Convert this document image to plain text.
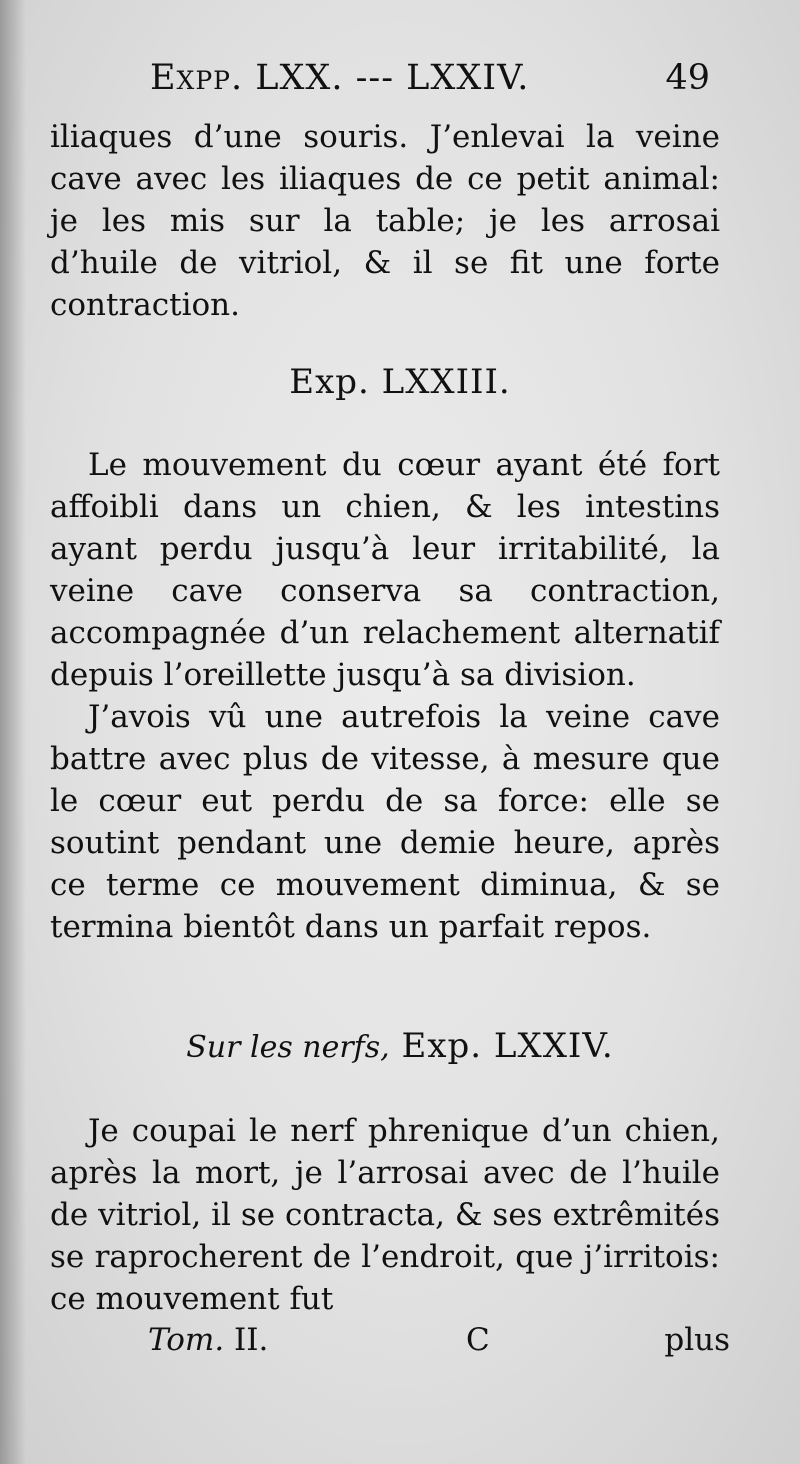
Expp. LXX. --- LXXIV.	49

iliaques d’une souris. J’enlevai la veine cave avec les iliaques de ce petit animal: je les mis sur la table; je les arrosai d’huile de vitriol, & il se fit une forte contraction.

Exp. LXXIII.

Le mouvement du cœur ayant été fort affoibli dans un chien, & les intestins ayant perdu jusqu’à leur irritabilité, la veine cave conserva sa contraction, accompagnée d’un relachement alternatif depuis l’oreillette jusqu’à sa division.

J’avois vû une autrefois la veine cave battre avec plus de vitesse, à mesure que le cœur eut perdu de sa force: elle se soutint pendant une demie heure, après ce terme ce mouvement diminua, & se termina bientôt dans un parfait repos.

Sur les nerfs, Exp. LXXIV.

Je coupai le nerf phrenique d’un chien, après la mort, je l’arrosai avec de l’huile de vitriol, il se contracta, & ses extrêmités se raprocherent de l’endroit, que j’irritois: ce mouvement fut

Tom. II.	C	plus
